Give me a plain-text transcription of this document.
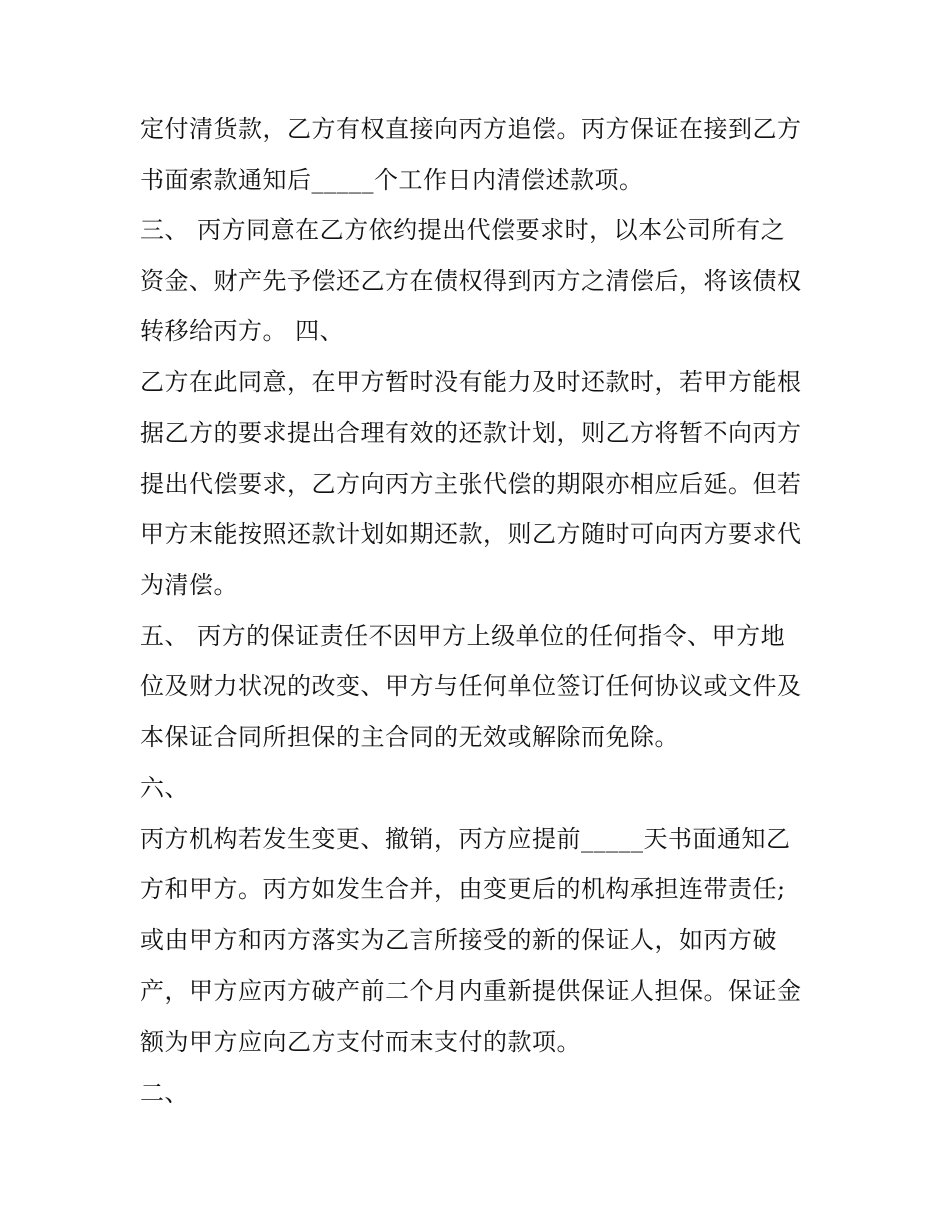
定付清货款，乙方有权直接向丙方追偿。丙方保证在接到乙方
书面索款通知后_____个工作日内清偿述款项。
三、 丙方同意在乙方依约提出代偿要求时，以本公司所有之
资金、财产先予偿还乙方在债权得到丙方之清偿后，将该债权
转移给丙方。 四、
乙方在此同意，在甲方暂时没有能力及时还款时，若甲方能根
据乙方的要求提出合理有效的还款计划，则乙方将暂不向丙方
提出代偿要求，乙方向丙方主张代偿的期限亦相应后延。但若
甲方末能按照还款计划如期还款，则乙方随时可向丙方要求代
为清偿。
五、 丙方的保证责任不因甲方上级单位的任何指令、甲方地
位及财力状况的改变、甲方与任何单位签订任何协议或文件及
本保证合同所担保的主合同的无效或解除而免除。
六、
丙方机构若发生变更、撤销，丙方应提前_____天书面通知乙
方和甲方。丙方如发生合并，由变更后的机构承担连带责任;
或由甲方和丙方落实为乙言所接受的新的保证人，如丙方破
产，甲方应丙方破产前二个月内重新提供保证人担保。保证金
额为甲方应向乙方支付而末支付的款项。
二、
